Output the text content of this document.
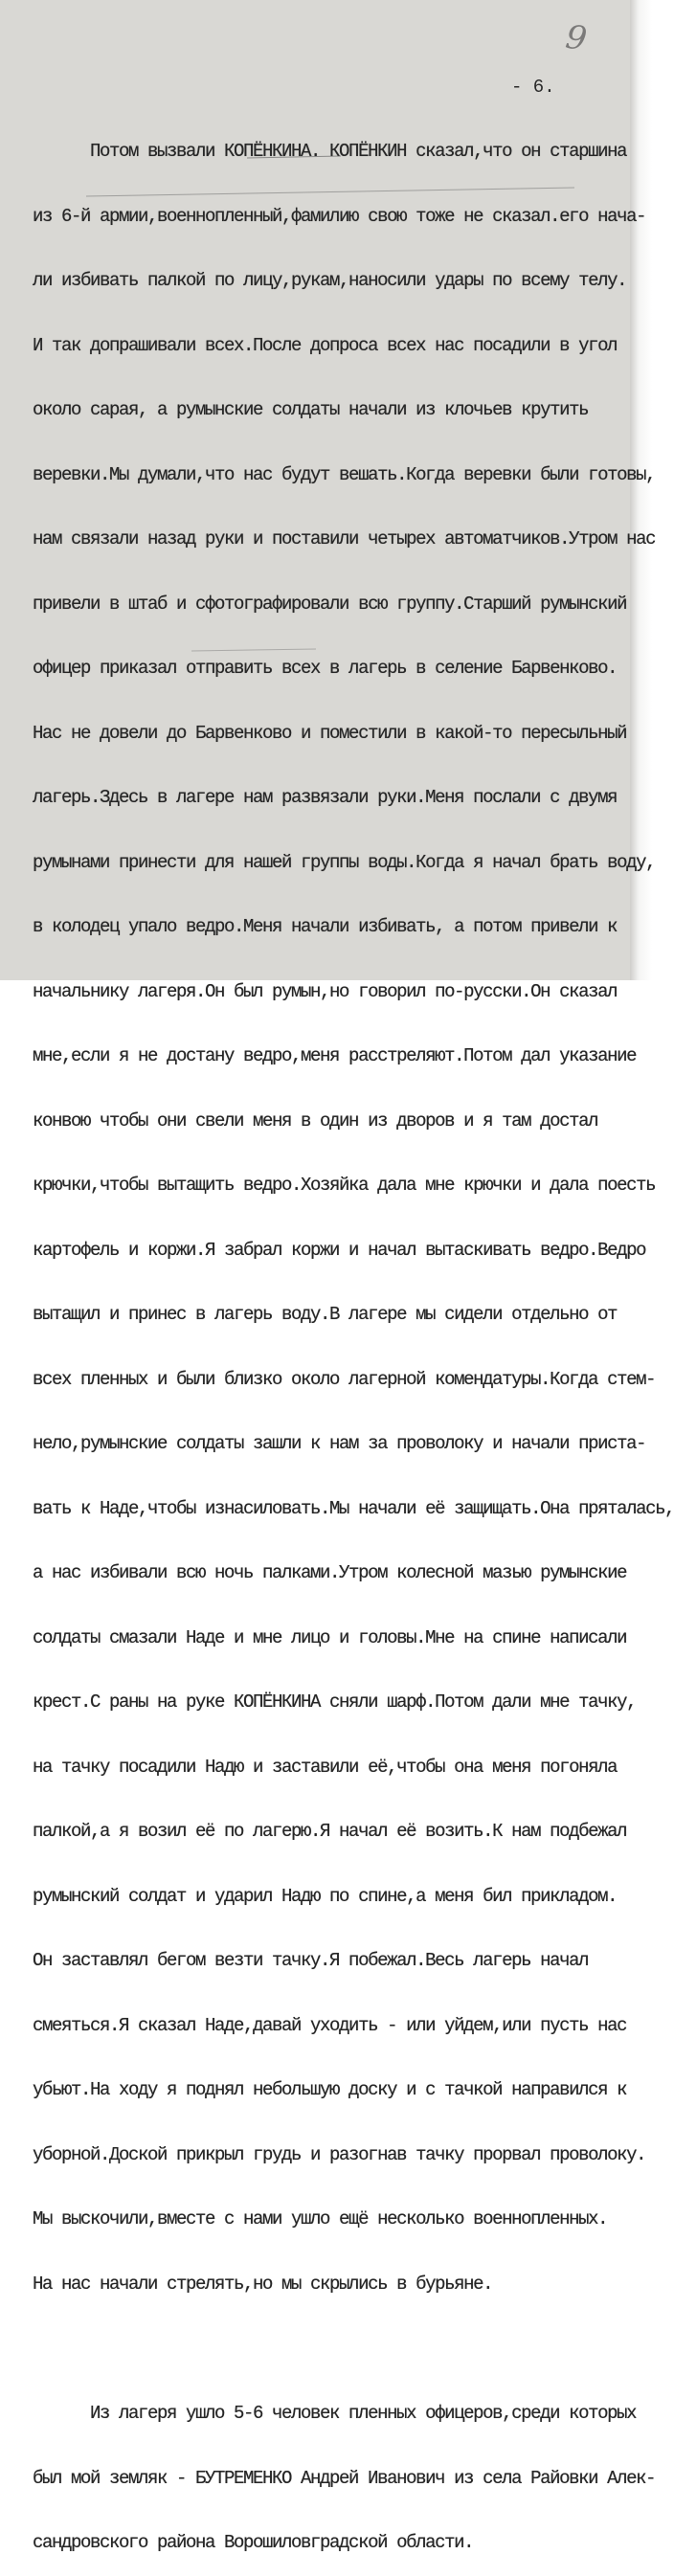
9
- 6.

Потом вызвали КОПЁНКИНА. КОПЁНКИН сказал,что он старшина

из 6-й армии,военнопленный,фамилию свою тоже не сказал.его нача-

ли избивать палкой по лицу,рукам,наносили удары по всему телу.

И так допрашивали всех.После допроса всех нас посадили в угол

около сарая, а румынские солдаты начали из клочьев крутить

веревки.Мы думали,что нас будут вешать.Когда веревки были готовы,

нам связали назад руки и поставили четырех автоматчиков.Утром нас

привели в штаб и сфотографировали всю группу.Старший румынский

офицер приказал отправить всех в лагерь в селение Барвенково.

Нас не довели до Барвенково и поместили в какой-то пересыльный

лагерь.Здесь в лагере нам развязали руки.Меня послали с двумя

румынами принести для нашей группы воды.Когда я начал брать воду,

в колодец упало ведро.Меня начали избивать, а потом привели к

начальнику лагеря.Он был румын,но говорил по-русски.Он сказал

мне,если я не достану ведро,меня расстреляют.Потом дал указание

конвою чтобы они свели меня в один из дворов и я там достал

крючки,чтобы вытащить ведро.Хозяйка дала мне крючки и дала поесть

картофель и коржи.Я забрал коржи и начал вытаскивать ведро.Ведро

вытащил и принес в лагерь воду.В лагере мы сидели отдельно от

всех пленных и были близко около лагерной комендатуры.Когда стем-

нело,румынские солдаты зашли к нам за проволоку и начали приста-

вать к Наде,чтобы изнасиловать.Мы начали её защищать.Она пряталась,

а нас избивали всю ночь палками.Утром колесной мазью румынские

солдаты смазали Наде и мне лицо и головы.Мне на спине написали

крест.С раны на руке КОПЁНКИНА сняли шарф.Потом дали мне тачку,

на тачку посадили Надю и заставили её,чтобы она меня погоняла

палкой,а я возил её по лагерю.Я начал её возить.К нам подбежал

румынский солдат и ударил Надю по спине,а меня бил прикладом.

Он заставлял бегом везти тачку.Я побежал.Весь лагерь начал

смеяться.Я сказал Наде,давай уходить - или уйдем,или пусть нас

убьют.На ходу я поднял небольшую доску и с тачкой направился к

уборной.Доской прикрыл грудь и разогнав тачку прорвал проволоку.

Мы выскочили,вместе с нами ушло ещё несколько военнопленных.

На нас начали стрелять,но мы скрылись в бурьяне.

Из лагеря ушло 5-6 человек пленных офицеров,среди которых

был мой земляк - БУТРЕМЕНКО Андрей Иванович из села Райовки Алек-

сандровского района Ворошиловградской области.
